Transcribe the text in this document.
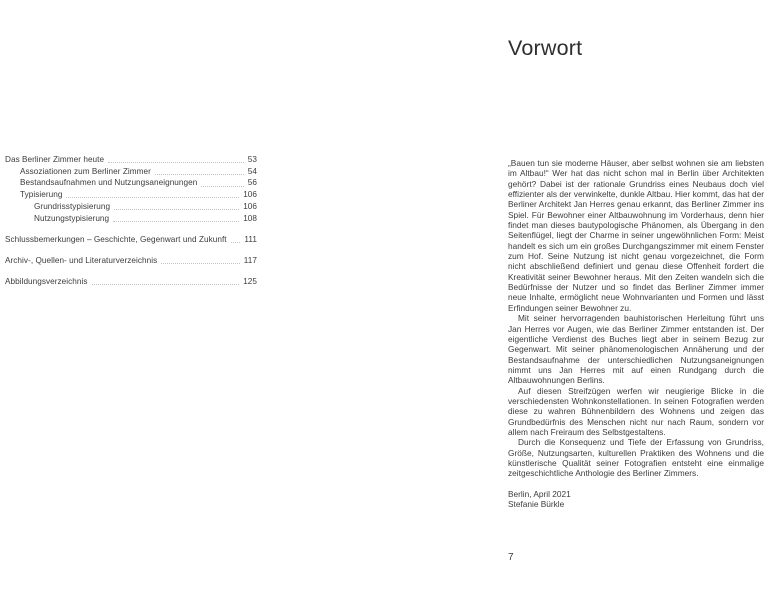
Das Berliner Zimmer heute	53
Assoziationen zum Berliner Zimmer	54
Bestandsaufnahmen und Nutzungsaneignungen	56
Typisierung	106
Grundrisstypisierung	106
Nutzungstypisierung	108
Schlussbemerkungen – Geschichte, Gegenwart und Zukunft 111
Archiv-, Quellen- und Literaturverzeichnis	117
Abbildungsverzeichnis	125
Vorwort

„Bauen tun sie moderne Häuser, aber selbst wohnen sie am liebsten im Altbau!“ Wer hat das nicht schon mal in Berlin über Architekten gehört? Dabei ist der rationale Grundriss eines Neubaus doch viel effizienter als der verwinkelte, dunkle Altbau. Hier kommt, das hat der Berliner Architekt Jan Herres genau erkannt, das Berliner Zimmer ins Spiel. Für Bewohner einer Altbauwohnung im Vorderhaus, denn hier findet man dieses bautypologische Phänomen, als Übergang in den Seitenflügel, liegt der Charme in seiner ungewöhnlichen Form: Meist handelt es sich um ein großes Durchgangszimmer mit einem Fenster zum Hof. Seine Nutzung ist nicht genau vorgezeichnet, die Form nicht abschließend definiert und genau diese Offenheit fordert die Kreativität seiner Bewohner heraus. Mit den Zeiten wandeln sich die Bedürfnisse der Nutzer und so findet das Berliner Zimmer immer neue Inhalte, ermöglicht neue Wohnvarianten und Formen und lässt Erfindungen seiner Bewohner zu.

Mit seiner hervorragenden bauhistorischen Herleitung führt uns Jan Herres vor Augen, wie das Berliner Zimmer entstanden ist. Der eigentliche Verdienst des Buches liegt aber in seinem Bezug zur Gegenwart. Mit seiner phänomenologischen Annäherung und der Bestandsaufnahme der unterschiedlichen Nutzungsaneignungen nimmt uns Jan Herres mit auf einen Rundgang durch die Altbauwohnungen Berlins.

Auf diesen Streifzügen werfen wir neugierige Blicke in die verschiedensten Wohnkonstellationen. In seinen Fotografien werden diese zu wahren Bühnenbildern des Wohnens und zeigen das Grundbedürfnis des Menschen nicht nur nach Raum, sondern vor allem nach Freiraum des Selbstgestaltens.

Durch die Konsequenz und Tiefe der Erfassung von Grundriss, Größe, Nutzungsarten, kulturellen Praktiken des Wohnens und die künstlerische Qualität seiner Fotografien entsteht eine einmalige zeitgeschichtliche Anthologie des Berliner Zimmers.

Berlin, April 2021
Stefanie Bürkle
7
